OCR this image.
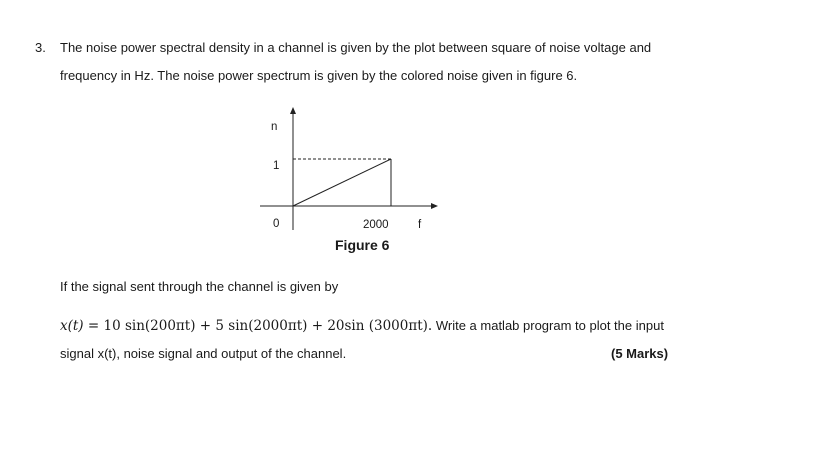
3. The noise power spectral density in a channel is given by the plot between square of noise voltage and
frequency in Hz. The noise power spectrum is given by the colored noise given in figure 6.
n
1
0	2000	f
Figure 6
If the signal sent through the channel is given by
x(t) = 10 sin(200πt) + 5 sin(2000πt) + 20sin (3000πt). Write a matlab program to plot the input
signal x(t), noise signal and output of the channel.	(5 Marks)
